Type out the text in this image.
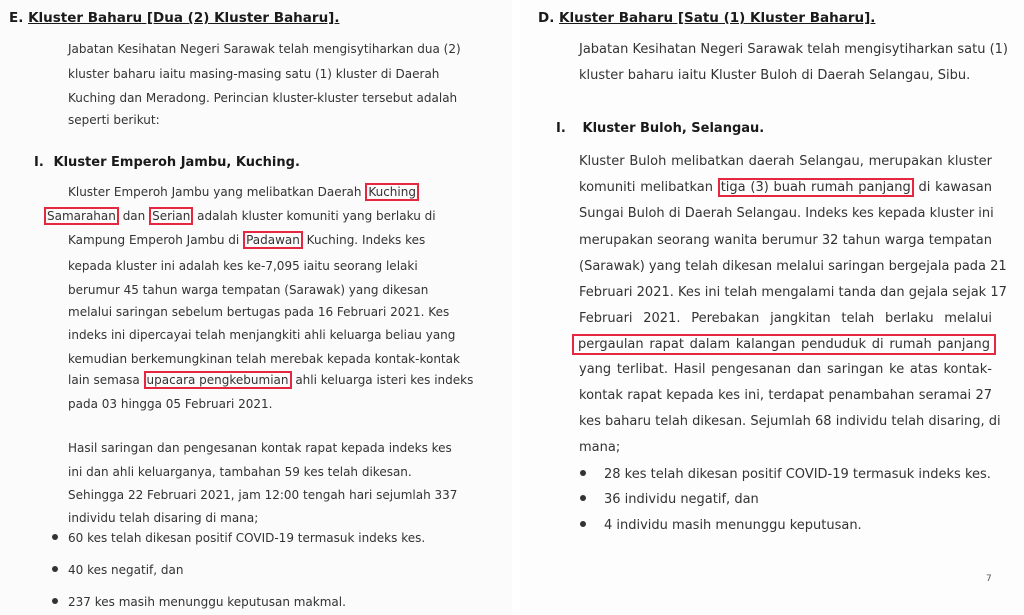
E. Kluster Baharu [Dua (2) Kluster Baharu].
Jabatan Kesihatan Negeri Sarawak telah mengisytiharkan dua (2)
kluster baharu iaitu masing-masing satu (1) kluster di Daerah
Kuching dan Meradong. Perincian kluster-kluster tersebut adalah
seperti berikut:
I. Kluster Emperoh Jambu, Kuching.
Kluster Emperoh Jambu yang melibatkan Daerah Kuching
Samarahan dan Serian adalah kluster komuniti yang berlaku di
Kampung Emperoh Jambu di Padawan Kuching. Indeks kes
kepada kluster ini adalah kes ke-7,095 iaitu seorang lelaki
berumur 45 tahun warga tempatan (Sarawak) yang dikesan
melalui saringan sebelum bertugas pada 16 Februari 2021. Kes
indeks ini dipercayai telah menjangkiti ahli keluarga beliau yang
kemudian berkemungkinan telah merebak kepada kontak-kontak
lain semasa upacara pengkebumian ahli keluarga isteri kes indeks
pada 03 hingga 05 Februari 2021.
Hasil saringan dan pengesanan kontak rapat kepada indeks kes
ini dan ahli keluarganya, tambahan 59 kes telah dikesan.
Sehingga 22 Februari 2021, jam 12:00 tengah hari sejumlah 337
individu telah disaring di mana;
60 kes telah dikesan positif COVID-19 termasuk indeks kes.
40 kes negatif, dan
237 kes masih menunggu keputusan makmal.
D. Kluster Baharu [Satu (1) Kluster Baharu].
Jabatan Kesihatan Negeri Sarawak telah mengisytiharkan satu (1)
kluster baharu iaitu Kluster Buloh di Daerah Selangau, Sibu.
I. Kluster Buloh, Selangau.
Kluster Buloh melibatkan daerah Selangau, merupakan kluster
komuniti melibatkan tiga (3) buah rumah panjang di kawasan
Sungai Buloh di Daerah Selangau. Indeks kes kepada kluster ini
merupakan seorang wanita berumur 32 tahun warga tempatan
(Sarawak) yang telah dikesan melalui saringan bergejala pada 21
Februari 2021. Kes ini telah mengalami tanda dan gejala sejak 17
Februari 2021. Perebakan jangkitan telah berlaku melalui
pergaulan rapat dalam kalangan penduduk di rumah panjang
yang terlibat. Hasil pengesanan dan saringan ke atas kontak-
kontak rapat kepada kes ini, terdapat penambahan seramai 27
kes baharu telah dikesan. Sejumlah 68 individu telah disaring, di
mana;
28 kes telah dikesan positif COVID-19 termasuk indeks kes.
36 individu negatif, dan
4 individu masih menunggu keputusan.
7
